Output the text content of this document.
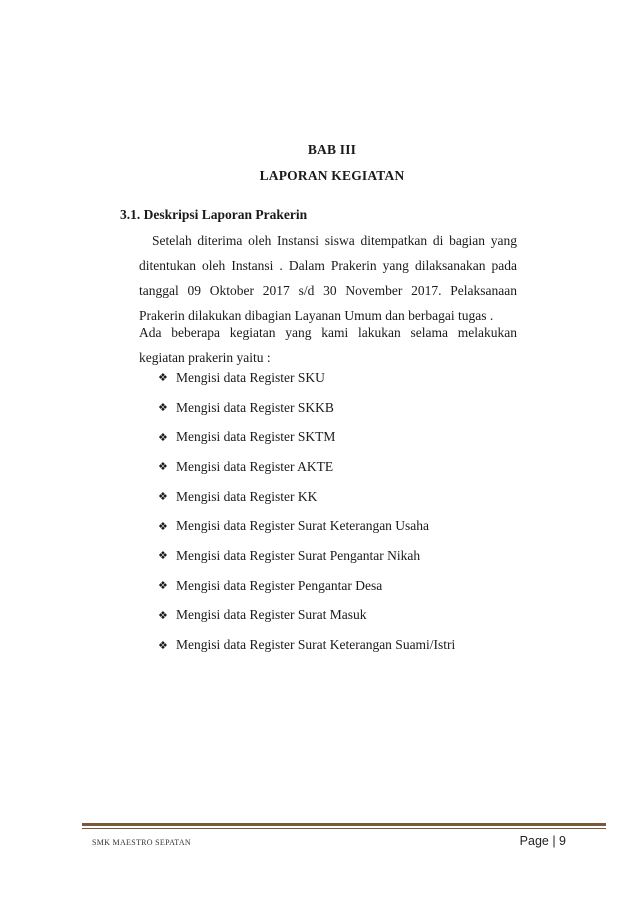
BAB III
LAPORAN KEGIATAN
3.1. Deskripsi Laporan Prakerin
Setelah diterima oleh Instansi siswa ditempatkan di bagian yang ditentukan oleh Instansi . Dalam Prakerin yang dilaksanakan pada tanggal 09 Oktober 2017 s/d 30 November 2017. Pelaksanaan Prakerin dilakukan dibagian Layanan Umum dan berbagai tugas .
Ada beberapa kegiatan yang kami lakukan selama melakukan kegiatan prakerin yaitu :
❖ Mengisi data Register SKU
❖ Mengisi data Register SKKB
❖ Mengisi data Register SKTM
❖ Mengisi data Register AKTE
❖ Mengisi data Register KK
❖ Mengisi data Register Surat Keterangan Usaha
❖ Mengisi data Register Surat Pengantar Nikah
❖ Mengisi data Register Pengantar Desa
❖ Mengisi data Register Surat Masuk
❖ Mengisi data Register Surat Keterangan Suami/Istri
SMK MAESTRO SEPATAN	Page | 9
